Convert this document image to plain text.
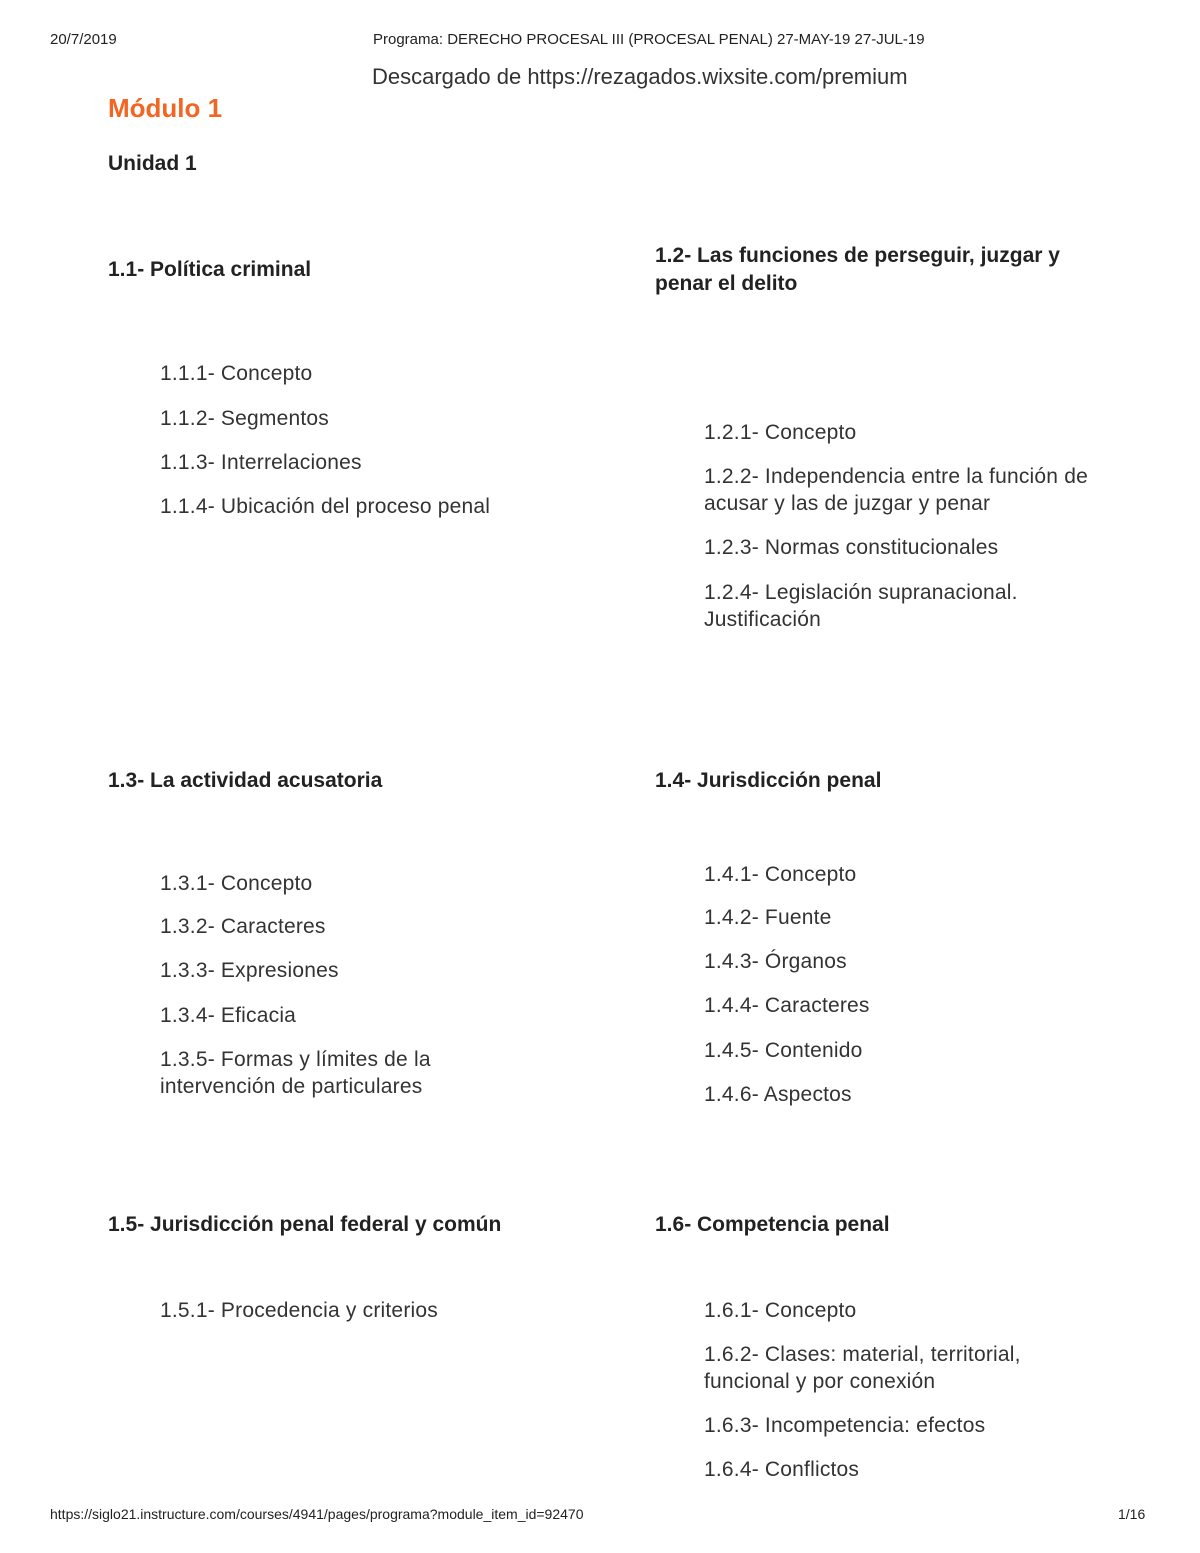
20/7/2019	Programa: DERECHO PROCESAL III (PROCESAL PENAL) 27-MAY-19 27-JUL-19
Descargado de https://rezagados.wixsite.com/premium
Módulo 1
Unidad 1
1.1- Política criminal
1.1.1- Concepto
1.1.2- Segmentos
1.1.3- Interrelaciones
1.1.4- Ubicación del proceso penal
1.2- Las funciones de perseguir, juzgar y penar el delito
1.2.1- Concepto
1.2.2- Independencia entre la función de acusar y las de juzgar y penar
1.2.3- Normas constitucionales
1.2.4- Legislación supranacional. Justificación
1.3- La actividad acusatoria
1.3.1- Concepto
1.3.2- Caracteres
1.3.3- Expresiones
1.3.4- Eficacia
1.3.5- Formas y límites de la intervención de particulares
1.4- Jurisdicción penal
1.4.1- Concepto
1.4.2- Fuente
1.4.3- Órganos
1.4.4- Caracteres
1.4.5- Contenido
1.4.6- Aspectos
1.5- Jurisdicción penal federal y común
1.5.1- Procedencia y criterios
1.6- Competencia penal
1.6.1- Concepto
1.6.2- Clases: material, territorial, funcional y por conexión
1.6.3- Incompetencia: efectos
1.6.4- Conflictos
https://siglo21.instructure.com/courses/4941/pages/programa?module_item_id=92470	1/16
